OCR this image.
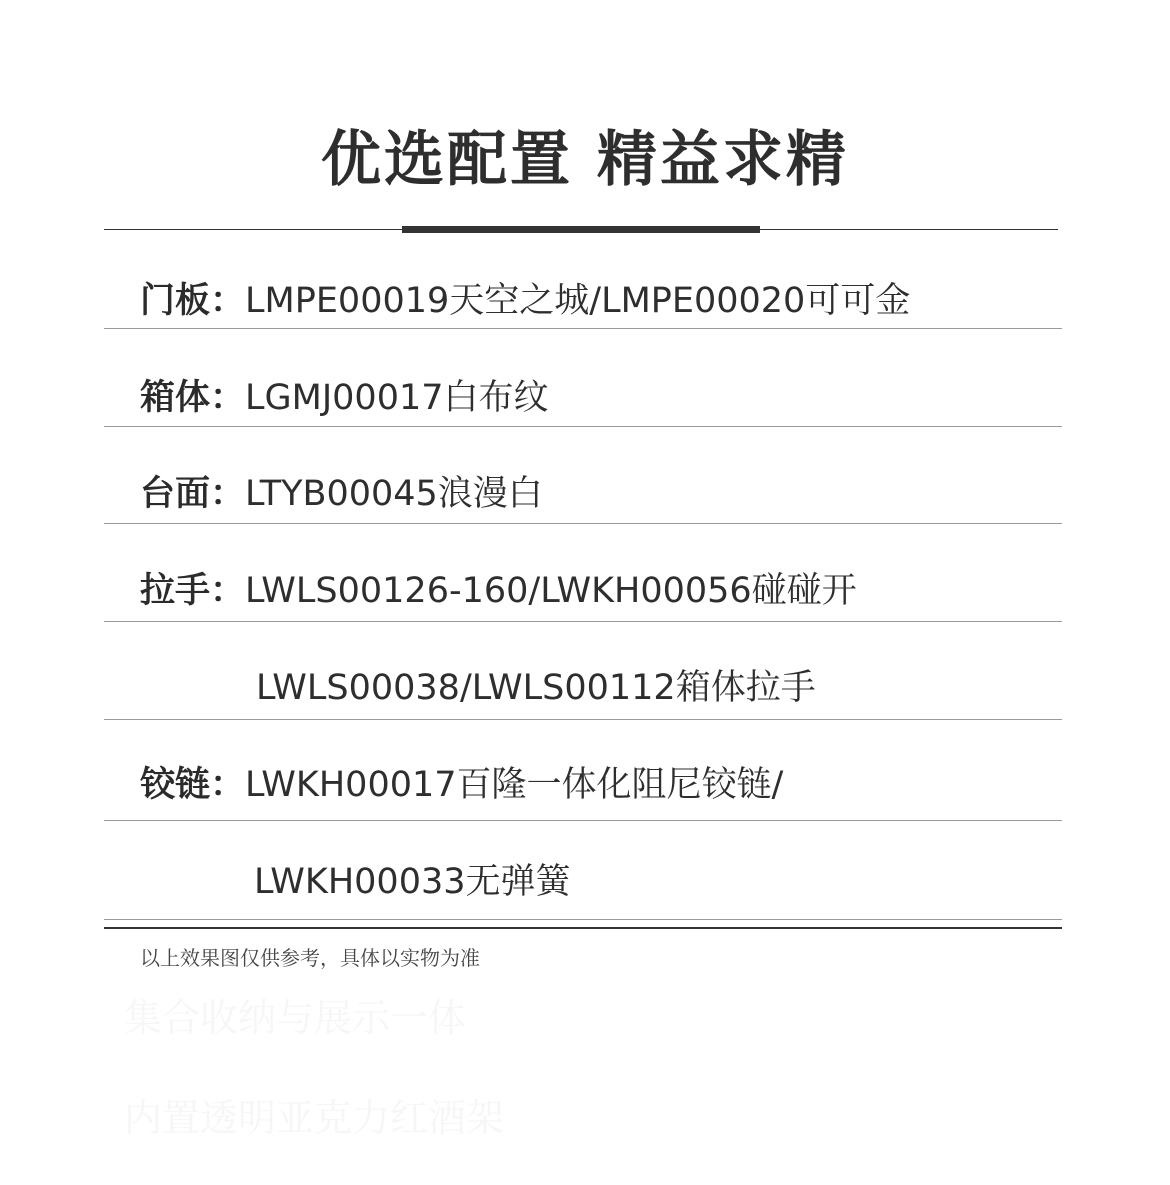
优选配置 精益求精
门板：LMPE00019天空之城/LMPE00020可可金
箱体：LGMJ00017白布纹
台面：LTYB00045浪漫白
拉手：LWLS00126-160/LWKH00056碰碰开
LWLS00038/LWLS00112箱体拉手
铰链：LWKH00017百隆一体化阻尼铰链/
LWKH00033无弹簧
以上效果图仅供参考，具体以实物为准
集合收纳与展示一体
内置透明亚克力红酒架
